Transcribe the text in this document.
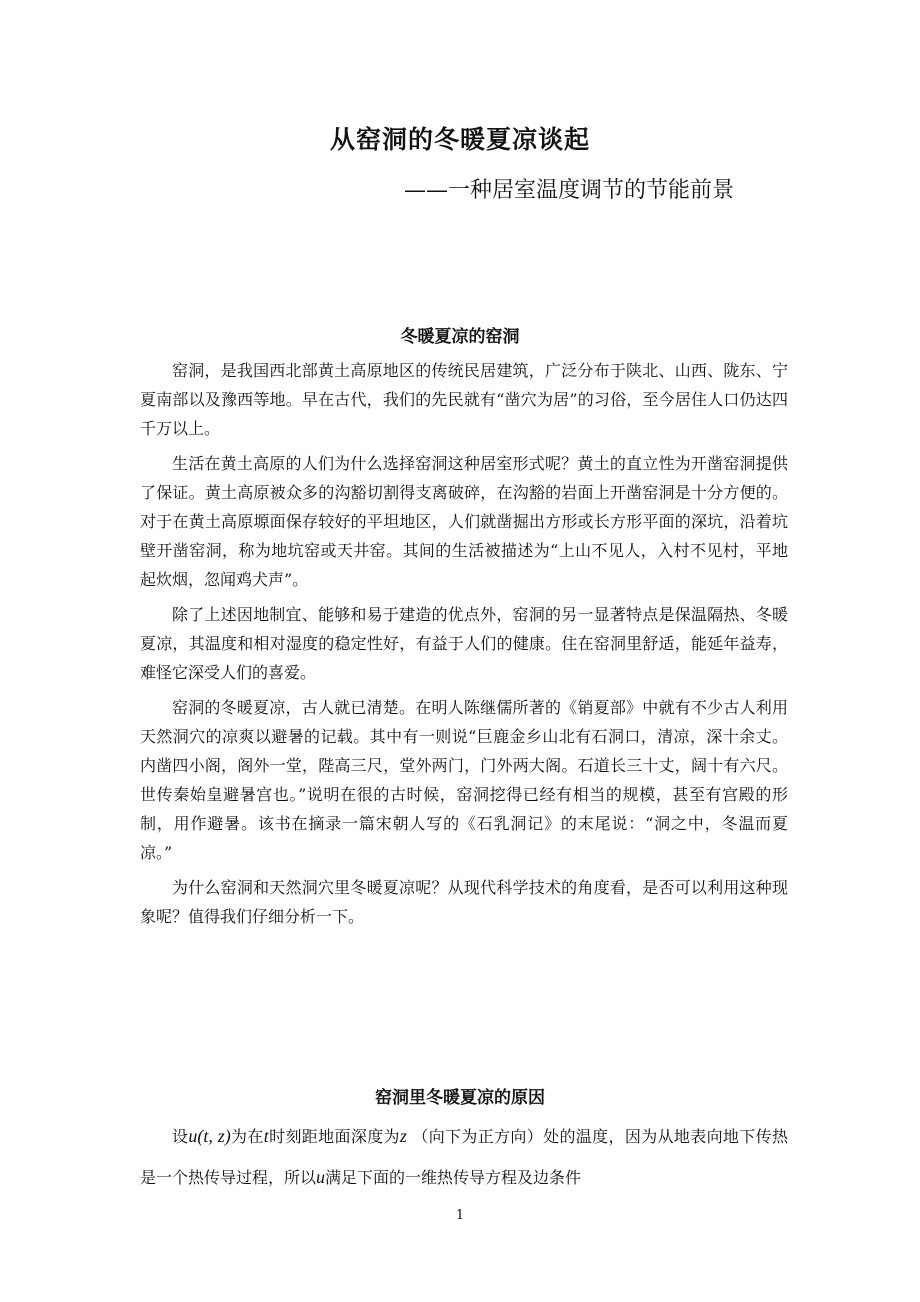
从窑洞的冬暖夏凉谈起

——一种居室温度调节的节能前景

冬暖夏凉的窑洞

窑洞，是我国西北部黄土高原地区的传统民居建筑，广泛分布于陕北、山西、陇东、宁夏南部以及豫西等地。早在古代，我们的先民就有“凿穴为居”的习俗，至今居住人口仍达四千万以上。

生活在黄土高原的人们为什么选择窑洞这种居室形式呢？黄土的直立性为开凿窑洞提供了保证。黄土高原被众多的沟豁切割得支离破碎，在沟豁的岩面上开凿窑洞是十分方便的。对于在黄土高原塬面保存较好的平坦地区，人们就凿掘出方形或长方形平面的深坑，沿着坑壁开凿窑洞，称为地坑窑或天井窑。其间的生活被描述为“上山不见人，入村不见村，平地起炊烟，忽闻鸡犬声”。

除了上述因地制宜、能够和易于建造的优点外，窑洞的另一显著特点是保温隔热、冬暖夏凉，其温度和相对湿度的稳定性好，有益于人们的健康。住在窑洞里舒适，能延年益寿，难怪它深受人们的喜爱。

窑洞的冬暖夏凉，古人就已清楚。在明人陈继儒所著的《销夏部》中就有不少古人利用天然洞穴的凉爽以避暑的记载。其中有一则说“巨鹿金乡山北有石洞口，清凉，深十余丈。内凿四小阁，阁外一堂，陛高三尺，堂外两门，门外两大阁。石道长三十丈，阔十有六尺。世传秦始皇避暑宫也。”说明在很的古时候，窑洞挖得已经有相当的规模，甚至有宫殿的形制，用作避暑。该书在摘录一篇宋朝人写的《石乳洞记》的末尾说：“洞之中，冬温而夏凉。”

为什么窑洞和天然洞穴里冬暖夏凉呢？从现代科学技术的角度看，是否可以利用这种现象呢？值得我们仔细分析一下。

窑洞里冬暖夏凉的原因

设u(t, z)为在t时刻距地面深度为z （向下为正方向）处的温度，因为从地表向地下传热是一个热传导过程，所以u满足下面的一维热传导方程及边条件

1
